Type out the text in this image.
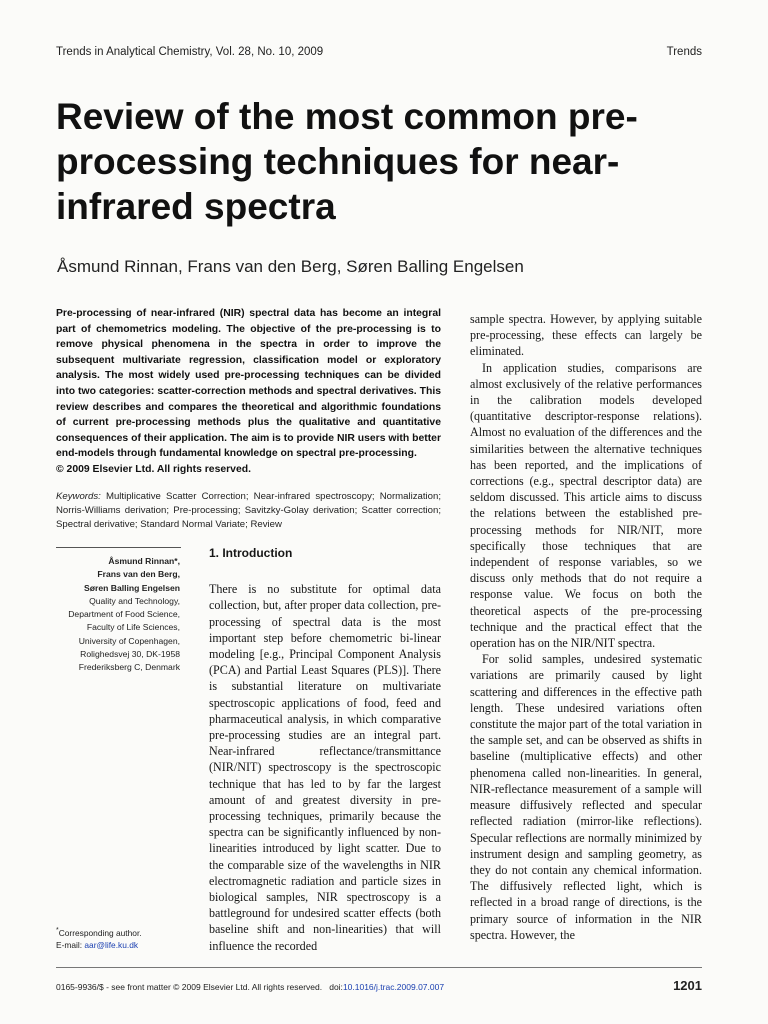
Trends in Analytical Chemistry, Vol. 28, No. 10, 2009	Trends
Review of the most common pre-processing techniques for near-infrared spectra
Åsmund Rinnan, Frans van den Berg, Søren Balling Engelsen

Pre-processing of near-infrared (NIR) spectral data has become an integral part of chemometrics modeling. The objective of the pre-processing is to remove physical phenomena in the spectra in order to improve the subsequent multivariate regression, classification model or exploratory analysis. The most widely used pre-processing techniques can be divided into two categories: scatter-correction methods and spectral derivatives. This review describes and compares the theoretical and algorithmic foundations of current pre-processing methods plus the qualitative and quantitative consequences of their application. The aim is to provide NIR users with better end-models through fundamental knowledge on spectral pre-processing.

© 2009 Elsevier Ltd. All rights reserved.

Keywords: Multiplicative Scatter Correction; Near-infrared spectroscopy; Normalization; Norris-Williams derivation; Pre-processing; Savitzky-Golay derivation; Scatter correction; Spectral derivative; Standard Normal Variate; Review
Åsmund Rinnan*,
Frans van den Berg,
Søren Balling Engelsen
Quality and Technology,
Department of Food Science,
Faculty of Life Sciences,
University of Copenhagen,
Rolighedsvej 30, DK-1958
Frederiksberg C, Denmark
*Corresponding author.
E-mail: aar@life.ku.dk
1. Introduction

There is no substitute for optimal data collection, but, after proper data collection, pre-processing of spectral data is the most important step before chemometric bi-linear modeling [e.g., Principal Component Analysis (PCA) and Partial Least Squares (PLS)]. There is substantial literature on multivariate spectroscopic applications of food, feed and pharmaceutical analysis, in which comparative pre-processing studies are an integral part. Near-infrared reflectance/transmittance (NIR/NIT) spectroscopy is the spectroscopic technique that has led to by far the largest amount of and greatest diversity in pre-processing techniques, primarily because the spectra can be significantly influenced by non-linearities introduced by light scatter. Due to the comparable size of the wavelengths in NIR electromagnetic radiation and particle sizes in biological samples, NIR spectroscopy is a battleground for undesired scatter effects (both baseline shift and non-linearities) that will influence the recorded

sample spectra. However, by applying suitable pre-processing, these effects can largely be eliminated.

In application studies, comparisons are almost exclusively of the relative performances in the calibration models developed (quantitative descriptor-response relations). Almost no evaluation of the differences and the similarities between the alternative techniques has been reported, and the implications of corrections (e.g., spectral descriptor data) are seldom discussed. This article aims to discuss the relations between the established pre-processing methods for NIR/NIT, more specifically those techniques that are independent of response variables, so we discuss only methods that do not require a response value. We focus on both the theoretical aspects of the pre-processing technique and the practical effect that the operation has on the NIR/NIT spectra.

For solid samples, undesired systematic variations are primarily caused by light scattering and differences in the effective path length. These undesired variations often constitute the major part of the total variation in the sample set, and can be observed as shifts in baseline (multiplicative effects) and other phenomena called non-linearities. In general, NIR-reflectance measurement of a sample will measure diffusively reflected and specular reflected radiation (mirror-like reflections). Specular reflections are normally minimized by instrument design and sampling geometry, as they do not contain any chemical information. The diffusively reflected light, which is reflected in a broad range of directions, is the primary source of information in the NIR spectra. However, the

0165-9936/$ - see front matter © 2009 Elsevier Ltd. All rights reserved. doi:10.1016/j.trac.2009.07.007	1201
